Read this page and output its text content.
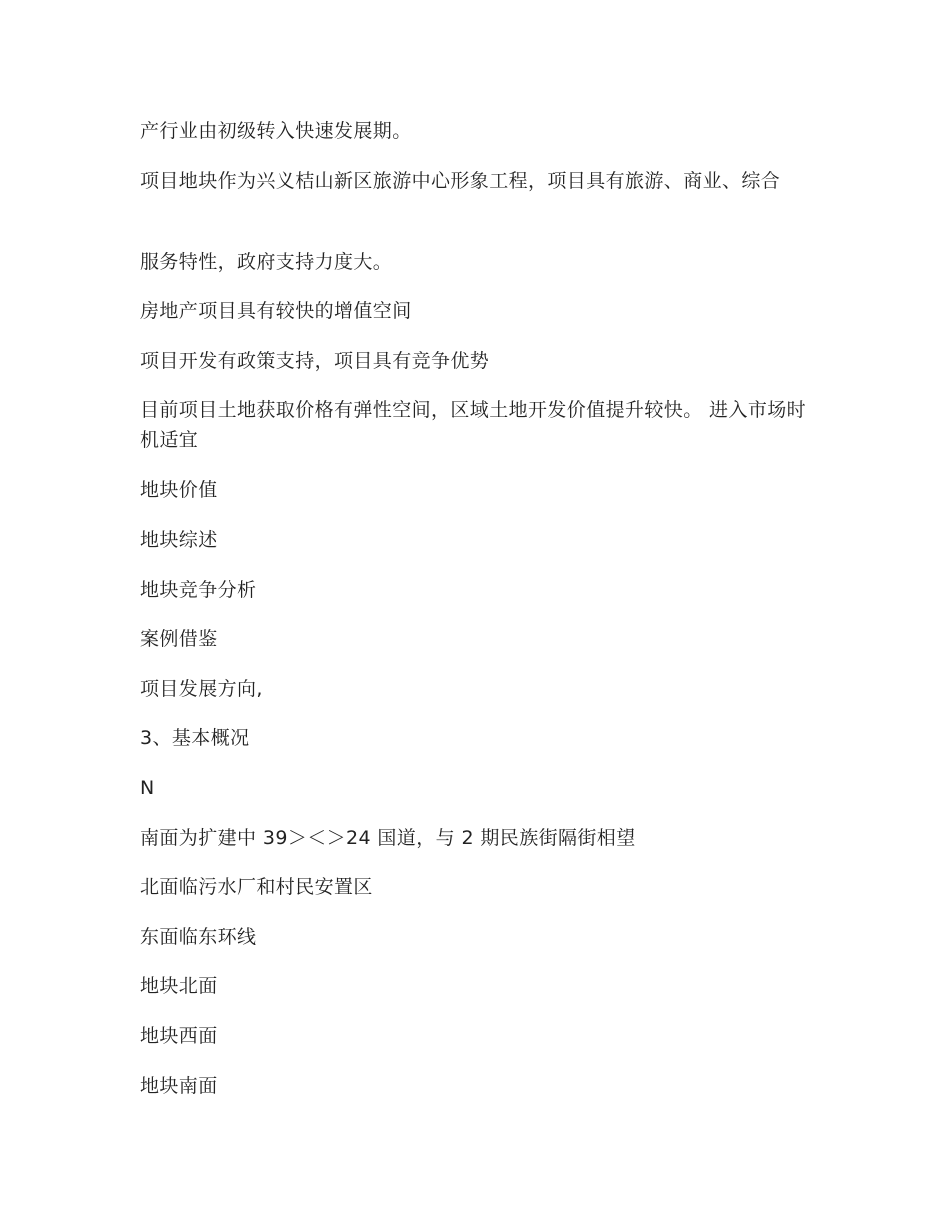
产行业由初级转入快速发展期。

项目地块作为兴义桔山新区旅游中心形象工程，项目具有旅游、商业、综合

服务特性，政府支持力度大。

房地产项目具有较快的增值空间

项目开发有政策支持，项目具有竞争优势

目前项目土地获取价格有弹性空间，区域土地开发价值提升较快。 进入市场时机适宜

地块价值

地块综述

地块竞争分析

案例借鉴

项目发展方向,

3、基本概况

N

南面为扩建中 39＞＜＞24 国道，与 2 期民族街隔街相望

北面临污水厂和村民安置区

东面临东环线

地块北面

地块西面

地块南面
